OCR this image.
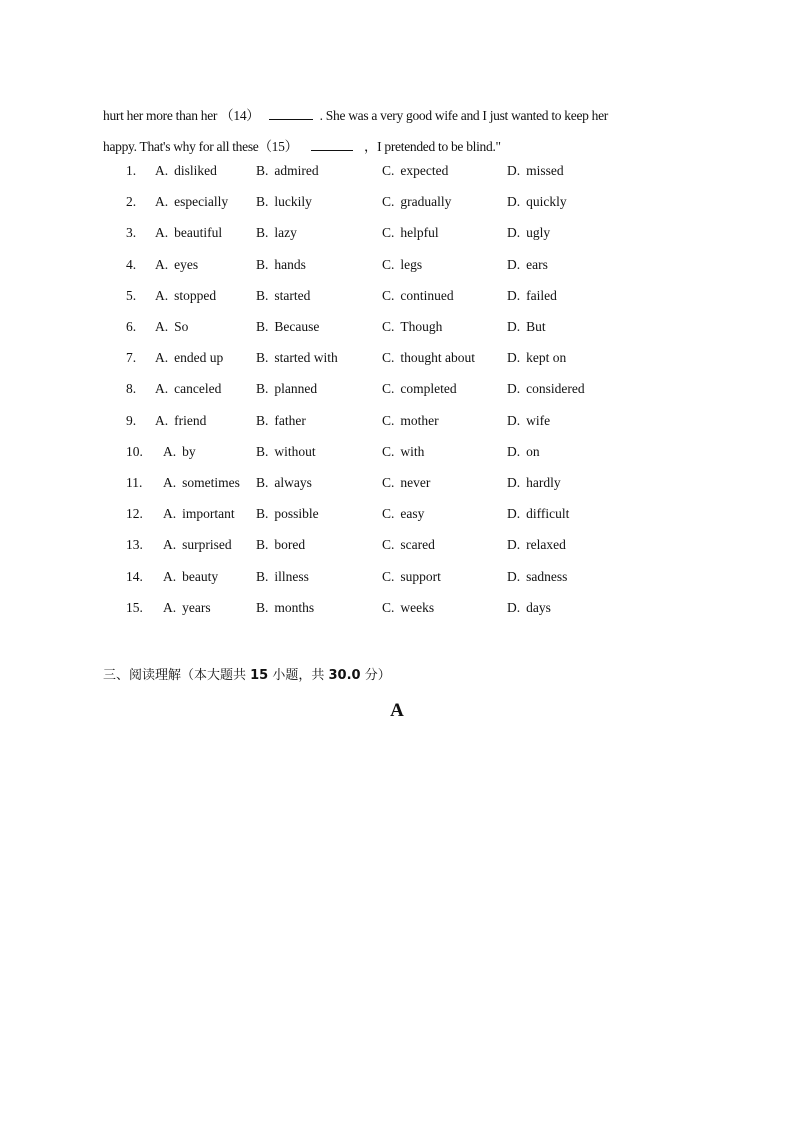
hurt her more than her （14）	. She was a very good wife and I just wanted to keep her
happy. That's why for all these（15）	，I pretended to be blind."
1. A. disliked	B. admired	C. expected	D. missed
2. A. especially B. luckily	C. gradually	D. quickly
3. A. beautiful	B. lazy	C. helpful	D. ugly
4. A. eyes	B. hands	C. legs	D. ears
5. A. stopped	B. started	C. continued	D. failed
6. A. So	B. Because	C. Though	D. But
7. A. ended up B. started with	C. thought about D. kept on
8. A. canceled	B. planned	C. completed	D. considered
9. A. friend	B. father	C. mother	D. wife
10. A. by	B. without	C. with	D. on
11. A. sometimes B. always	C. never	D. hardly
12. A. important B. possible	C. easy	D. difficult
13. A. surprised B. bored	C. scared	D. relaxed
14. A. beauty	B. illness	C. support	D. sadness
15. A. years	B. months	C. weeks	D. days
三、阅读理解（本大题共 15 小题，共 30.0 分）
A
